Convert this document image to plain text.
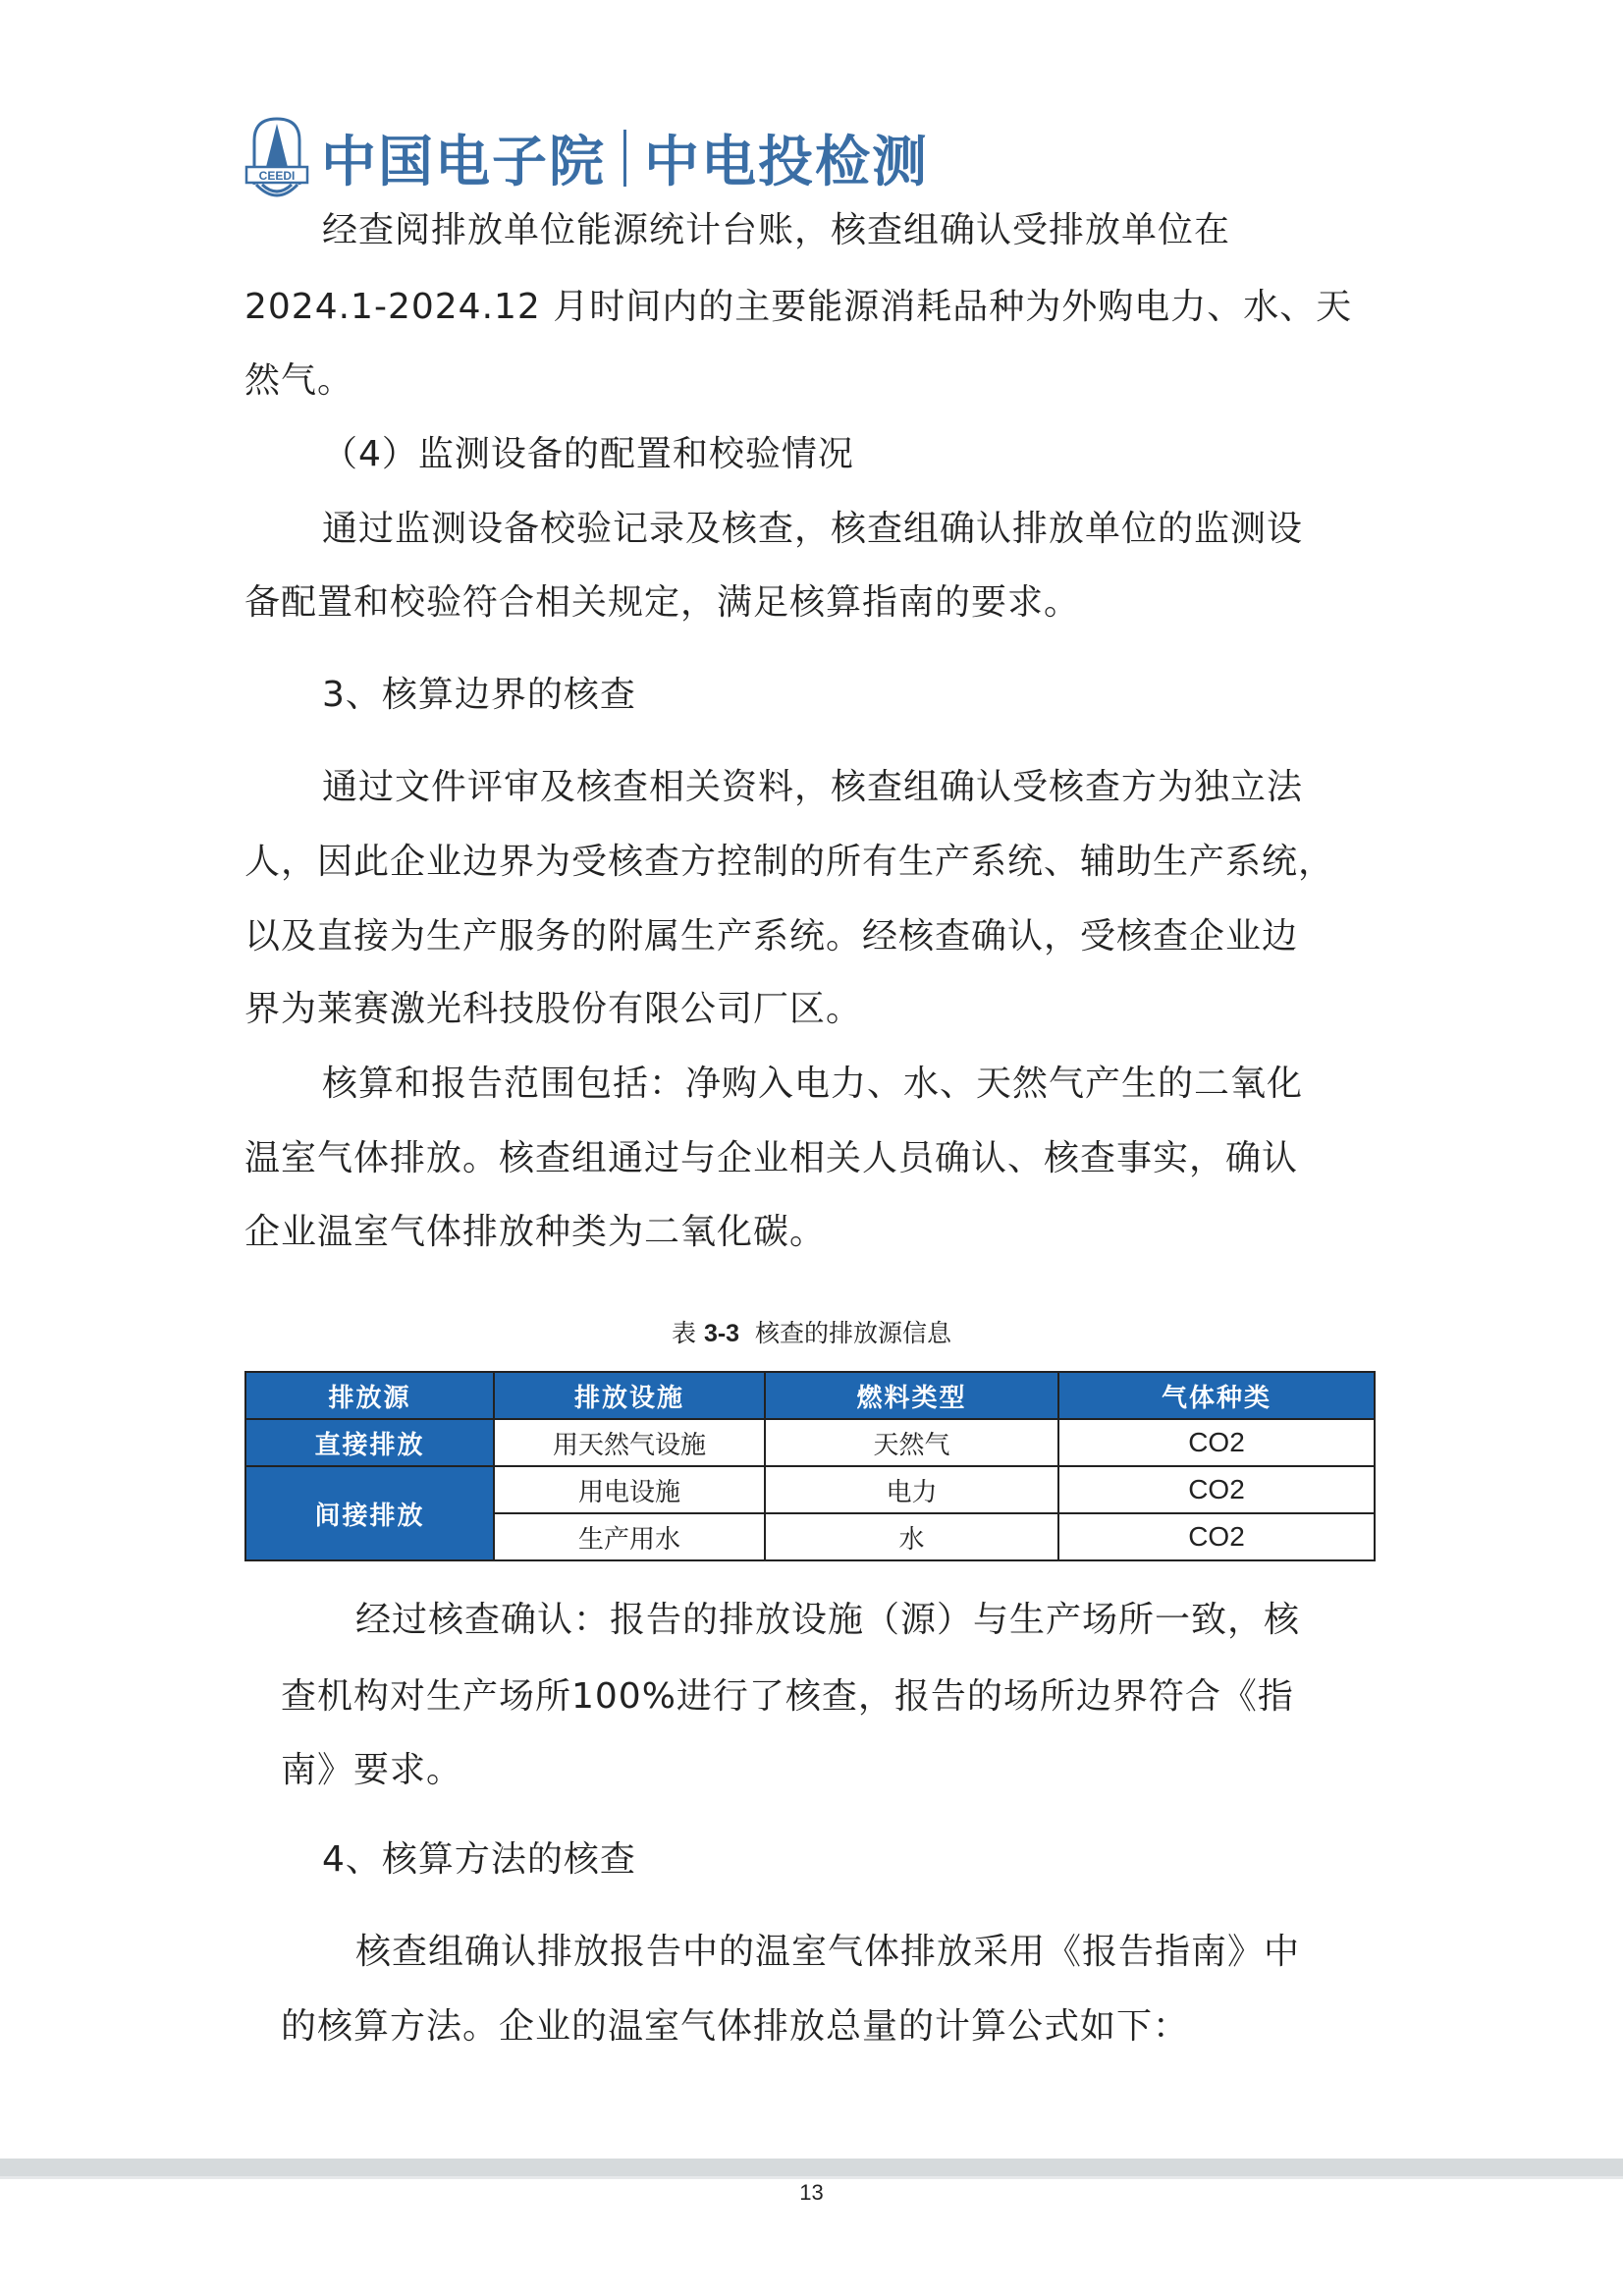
CEEDI 中国电子院 中电投检测
经查阅排放单位能源统计台账，核查组确认受排放单位在
2024.1-2024.12 月时间内的主要能源消耗品种为外购电力、水、天
然气。
（4）监测设备的配置和校验情况
通过监测设备校验记录及核查，核查组确认排放单位的监测设
备配置和校验符合相关规定，满足核算指南的要求。
3、核算边界的核查
通过文件评审及核查相关资料，核查组确认受核查方为独立法
人，因此企业边界为受核查方控制的所有生产系统、辅助生产系统，
以及直接为生产服务的附属生产系统。经核查确认，受核查企业边
界为莱赛激光科技股份有限公司厂区。
核算和报告范围包括：净购入电力、水、天然气产生的二氧化
温室气体排放。核查组通过与企业相关人员确认、核查事实，确认
企业温室气体排放种类为二氧化碳。
表 3-3 核查的排放源信息
排放源	排放设施	燃料类型	气体种类
直接排放	用天然气设施	天然气	CO2
间接排放	用电设施	电力	CO2
	生产用水	水	CO2
经过核查确认：报告的排放设施（源）与生产场所一致，核
查机构对生产场所100%进行了核查，报告的场所边界符合《指
南》要求。
4、核算方法的核查
核查组确认排放报告中的温室气体排放采用《报告指南》中
的核算方法。企业的温室气体排放总量的计算公式如下：
13
